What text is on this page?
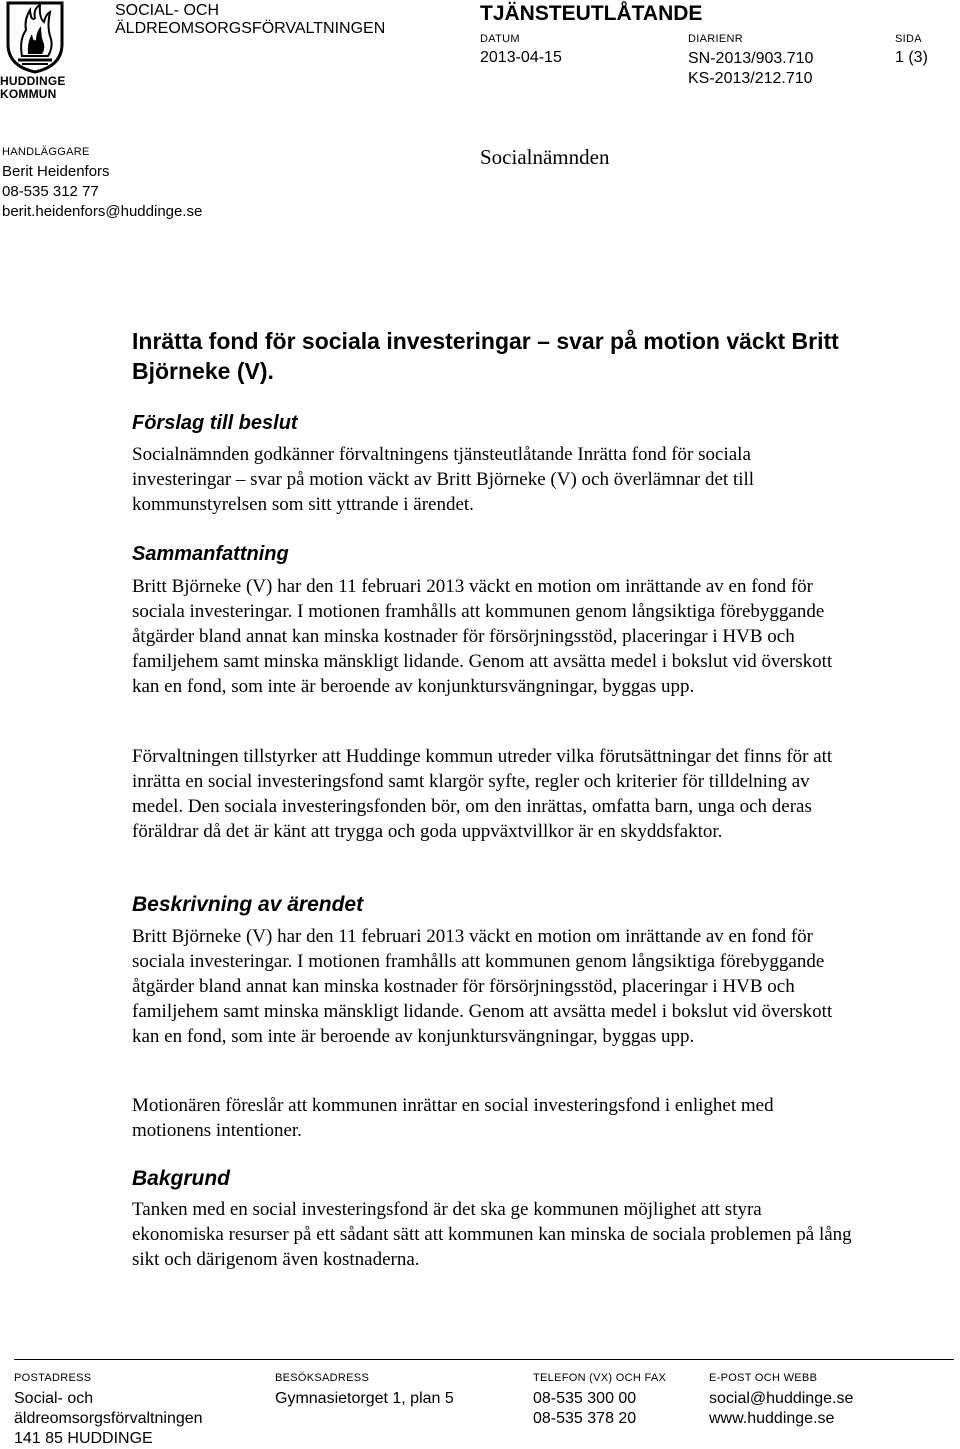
HUDDINGE
KOMMUN
SOCIAL- OCH
ÄLDREOMSORGSFÖRVALTNINGEN
TJÄNSTEUTLÅTANDE
DATUM
2013-04-15
DIARIENR
SN-2013/903.710
KS-2013/212.710
SIDA
1 (3)
HANDLÄGGARE
Berit Heidenfors
08-535 312 77
berit.heidenfors@huddinge.se
Socialnämnden
Inrätta fond för sociala investeringar – svar på motion väckt Britt Björneke (V).
Förslag till beslut

Socialnämnden godkänner förvaltningens tjänsteutlåtande Inrätta fond för sociala investeringar – svar på motion väckt av Britt Björneke (V) och överlämnar det till kommunstyrelsen som sitt yttrande i ärendet.

Sammanfattning

Britt Björneke (V) har den 11 februari 2013 väckt en motion om inrättande av en fond för sociala investeringar. I motionen framhålls att kommunen genom långsiktiga förebyggande åtgärder bland annat kan minska kostnader för försörjningsstöd, placeringar i HVB och familjehem samt minska mänskligt lidande. Genom att avsätta medel i bokslut vid överskott kan en fond, som inte är beroende av konjunktursvängningar, byggas upp.

Förvaltningen tillstyrker att Huddinge kommun utreder vilka förutsättningar det finns för att inrätta en social investeringsfond samt klargör syfte, regler och kriterier för tilldelning av medel. Den sociala investeringsfonden bör, om den inrättas, omfatta barn, unga och deras föräldrar då det är känt att trygga och goda uppväxtvillkor är en skyddsfaktor.

Beskrivning av ärendet

Britt Björneke (V) har den 11 februari 2013 väckt en motion om inrättande av en fond för sociala investeringar. I motionen framhålls att kommunen genom långsiktiga förebyggande åtgärder bland annat kan minska kostnader för försörjningsstöd, placeringar i HVB och familjehem samt minska mänskligt lidande. Genom att avsätta medel i bokslut vid överskott kan en fond, som inte är beroende av konjunktursvängningar, byggas upp.

Motionären föreslår att kommunen inrättar en social investeringsfond i enlighet med motionens intentioner.

Bakgrund

Tanken med en social investeringsfond är det ska ge kommunen möjlighet att styra ekonomiska resurser på ett sådant sätt att kommunen kan minska de sociala problemen på lång sikt och därigenom även kostnaderna.

POSTADRESS
Social- och
äldreomsorgsförvaltningen
141 85 HUDDINGE
BESÖKSADRESS
Gymnasietorget 1, plan 5
TELEFON (VX) OCH FAX
08-535 300 00
08-535 378 20
E-POST OCH WEBB
social@huddinge.se
www.huddinge.se
